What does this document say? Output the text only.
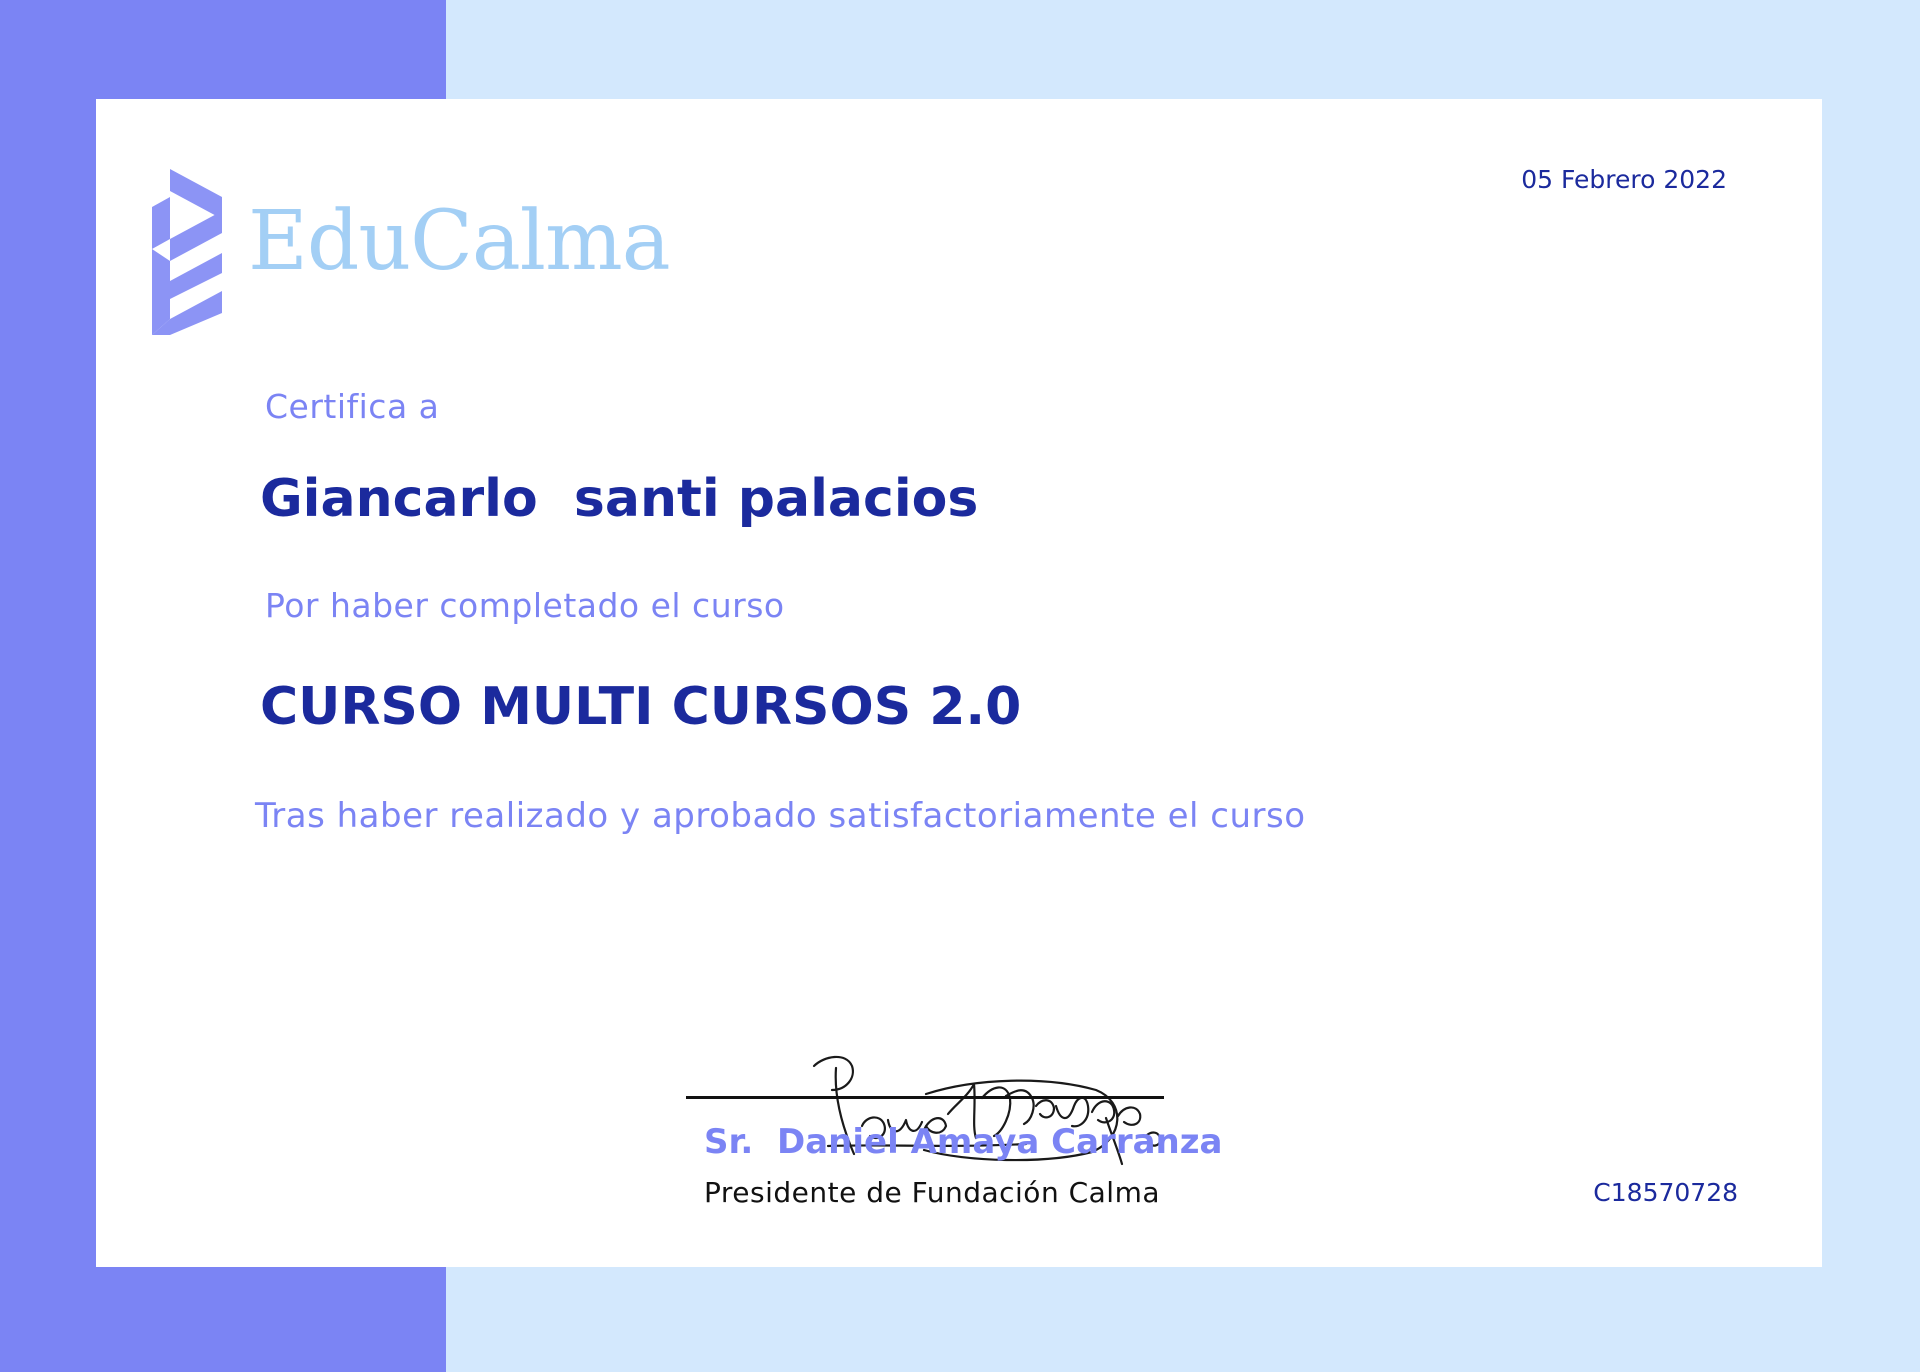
EduCalma
05 Febrero 2022
Certifica a
Giancarlo  santi palacios
Por haber completado el curso
CURSO MULTI CURSOS 2.0
Tras haber realizado y aprobado satisfactoriamente el curso
Sr.  Daniel Amaya Carranza
Presidente de Fundación Calma	C18570728
